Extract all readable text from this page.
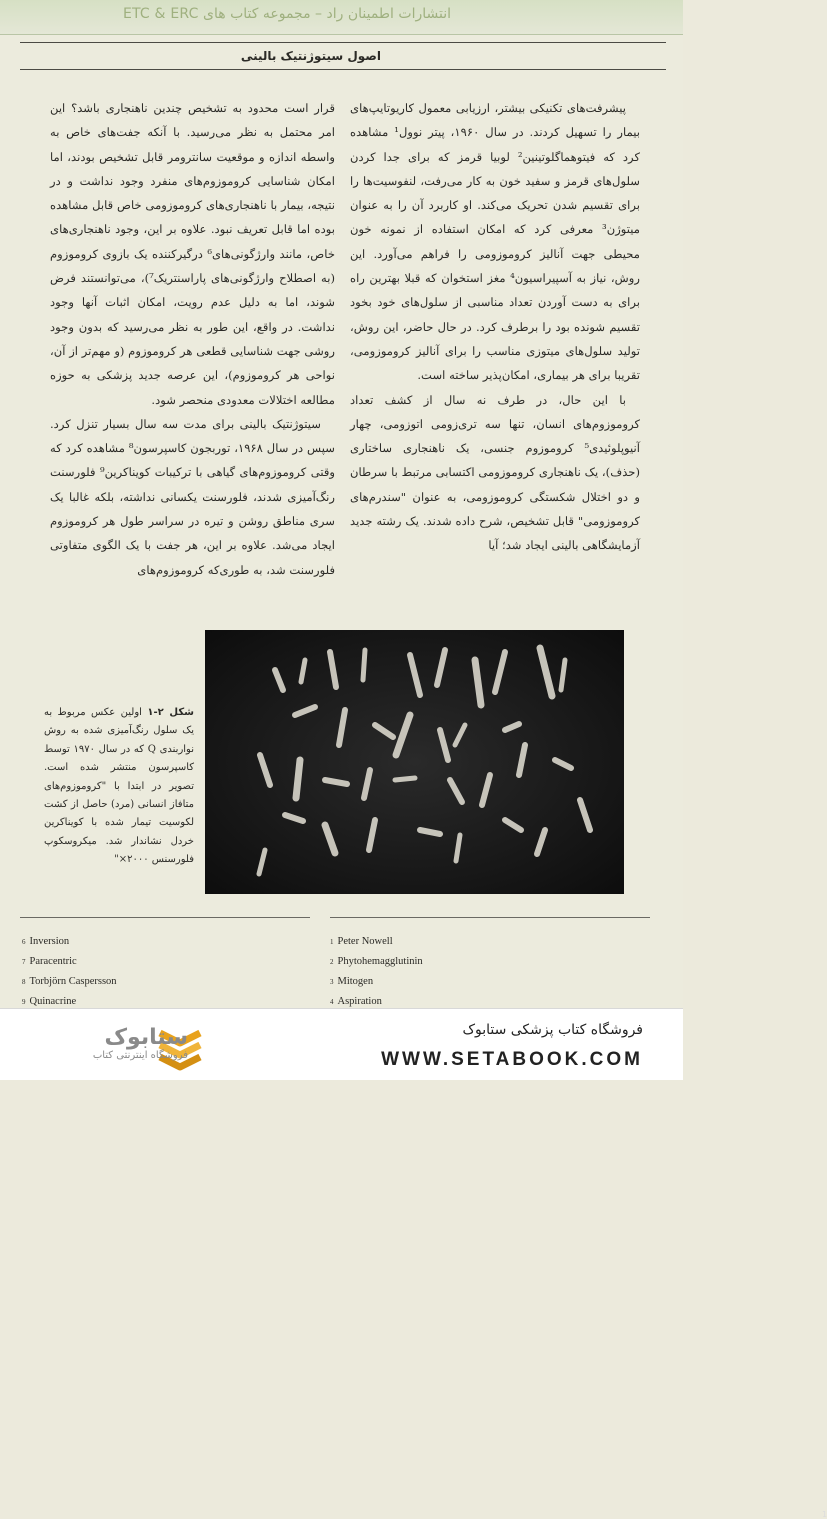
انتشارات اطمینان راد – مجموعه کتاب های ETC & ERC
اصول سیتوژنتیک بالینی

پیشرفت‌های تکنیکی بیشتر، ارزیابی معمول کاریوتایپ‌های بیمار را تسهیل کردند. در سال ۱۹۶۰، پیتر نوول¹ مشاهده کرد که فیتوهماگلوتینین² لوبیا قرمز که برای جدا کردن سلول‌های قرمز و سفید خون به کار می‌رفت، لنفوسیت‌ها را برای تقسیم شدن تحریک می‌کند. او کاربرد آن را به عنوان میتوژن³ معرفی کرد که امکان استفاده از نمونه خون محیطی جهت آنالیز کروموزومی را فراهم می‌آورد. این روش، نیاز به آسپیراسیون⁴ مغز استخوان که قبلا بهترین راه برای به دست آوردن تعداد مناسبی از سلول‌های خود بخود تقسیم شونده بود را برطرف کرد. در حال حاضر، این روش، تولید سلول‌های میتوزی مناسب را برای آنالیز کروموزومی، تقریبا برای هر بیماری، امکان‌پذیر ساخته است.

با این حال، در طرف نه سال از کشف تعداد کروموزوم‌های انسان، تنها سه تری‌زومی اتوزومی، چهار آنیوپلوئیدی⁵ کروموزوم جنسی، یک ناهنجاری ساختاری (حذف)، یک ناهنجاری کروموزومی اکتسابی مرتبط با سرطان و دو اختلال شکستگی کروموزومی، به عنوان "سندرم‌های کروموزومی" قابل تشخیص، شرح داده شدند. یک رشته جدید آزمایشگاهی بالینی ایجاد شد؛ آیا

قرار است محدود به تشخیص چندین ناهنجاری باشد؟ این امر محتمل به نظر می‌رسید. با آنکه جفت‌های خاص به واسطه اندازه و موقعیت سانترومر قابل تشخیص بودند، اما امکان شناسایی کروموزوم‌های منفرد وجود نداشت و در نتیجه، بیمار با ناهنجاری‌های کروموزومی خاص قابل مشاهده بوده اما قابل تعریف نبود. علاوه بر این، وجود ناهنجاری‌های خاص، مانند وارژگونی‌های⁶ درگیرکننده یک بازوی کروموزوم (به اصطلاح وارژگونی‌های پاراسنتریک⁷)، می‌توانستند فرض شوند، اما به دلیل عدم رویت، امکان اثبات آنها وجود نداشت. در واقع، این طور به نظر می‌رسید که بدون وجود روشی جهت شناسایی قطعی هر کروموزوم (و مهم‌تر از آن، نواحی هر کروموزوم)، این عرصه جدید پزشکی به حوزه مطالعه اختلالات معدودی منحصر شود.

سیتوژنتیک بالینی برای مدت سه سال بسیار تنزل کرد. سپس در سال ۱۹۶۸، توربجون کاسپرسون⁸ مشاهده کرد که وقتی کروموزوم‌های گیاهی با ترکیبات کویناکرین⁹ فلورسنت رنگ‌آمیزی شدند، فلورسنت یکسانی نداشته، بلکه غالبا یک سری مناطق روشن و تیره در سراسر طول هر کروموزوم ایجاد می‌شد. علاوه بر این، هر جفت با یک الگوی متفاوتی فلورسنت شد، به طوری‌که کروموزوم‌های

1
شکل ۲-۱ اولین عکس مربوط به یک سلول رنگ‌آمیزی شده به روش نواربندی Q که در سال ۱۹۷۰ توسط کاسپرسون منتشر شده است. تصویر در ابتدا با "کروموزوم‌های متافاز انسانی (مرد) حاصل از کشت لکوسیت تیمار شده با کویناکرین خردل نشاندار شد. میکروسکوپ فلورسنس ۲۰۰۰×"
$^6$ Inversion
$^7$ Paracentric
$^8$ Torbjörn Caspersson
$^9$ Quinacrine
$^1$ Peter Nowell
$^2$ Phytohemagglutinin
$^3$ Mitogen
$^4$ Aspiration
ستابوک
فروشگاه اینترنتی کتاب
فروشگاه کتاب پزشکی ستابوک
WWW.SETABOOK.COM
